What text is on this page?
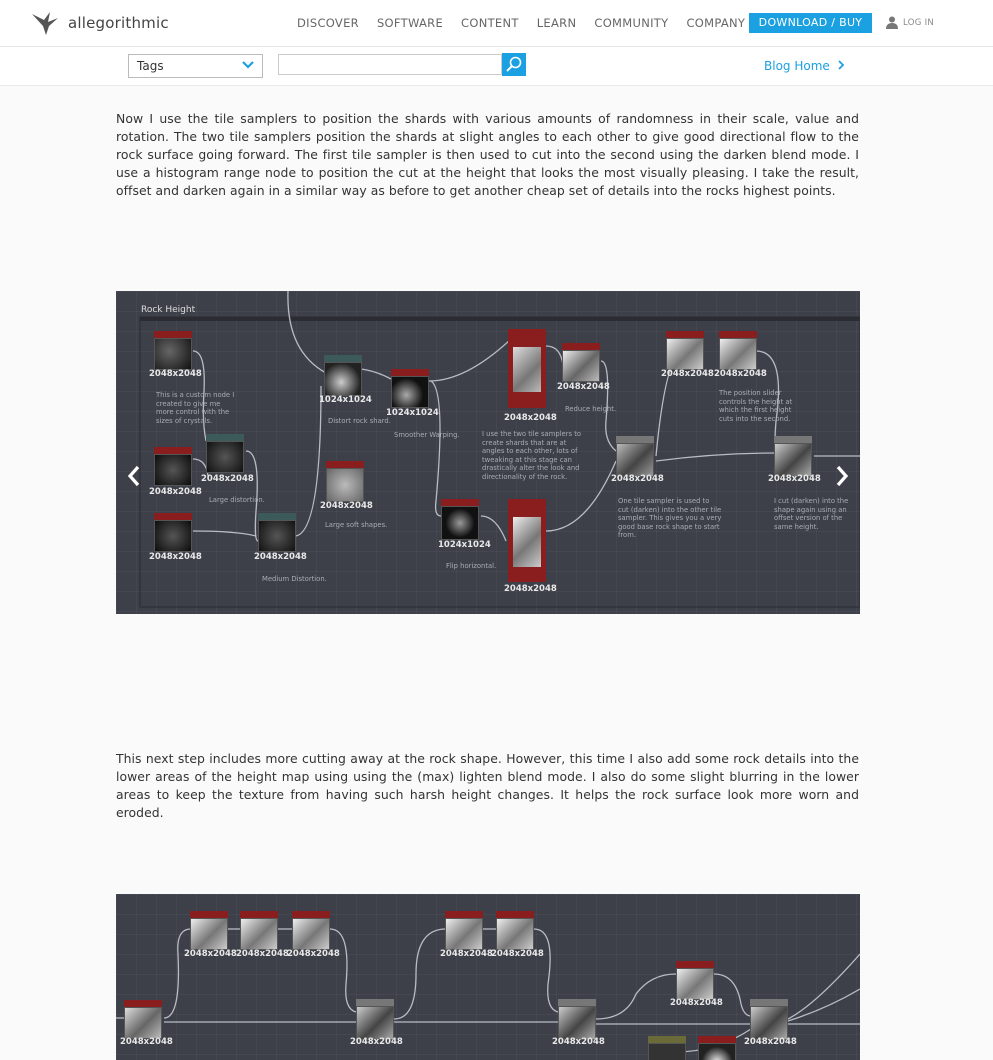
allegorithmic	DISCOVER SOFTWARE CONTENT LEARN COMMUNITY COMPANY	DOWNLOAD / BUY	LOG IN
Tags	Blog Home
Now I use the tile samplers to position the shards with various amounts of randomness in their scale, value and rotation. The two tile samplers position the shards at slight angles to each other to give good directional flow to the rock surface going forward. The first tile sampler is then used to cut into the second using the darken blend mode. I use a histogram range node to position the cut at the height that looks the most visually pleasing. I take the result, offset and darken again in a similar way as before to get another cheap set of details into the rocks highest points.
Rock Height
2048x2048
2048x2048
2048x2048
2048x2048
2048x2048
1024x1024
1024x1024
2048x2048
1024x1024
2048x2048
2048x2048
2048x2048
2048x2048
2048x2048 2048x2048
2048x2048
This is a custom node I created to give me more control with the sizes of crystals.
Large distortion.
Medium Distortion.
Distort rock shard.
Large soft shapes.
Smoother Warping.
Flip horizontal.
I use the two tile samplers to create shards that are at angles to each other, lots of tweaking at this stage can drastically alter the look and directionality of the rock.
Reduce height.
One tile sampler is used to cut (darken) into the other tile sampler. This gives you a very good base rock shape to start from.
The position slider controls the height at which the first height cuts into the second.
I cut (darken) into the shape again using an offset version of the same height.
This next step includes more cutting away at the rock shape. However, this time I also add some rock details into the lower areas of the height map using using the (max) lighten blend mode. I also do some slight blurring in the lower areas to keep the texture from having such harsh height changes. It helps the rock surface look more worn and eroded.
2048x2048
2048x2048 2048x2048
2048x2048
2048x2048
2048x2048
2048x2048
2048x2048
2048x2048
2048x2048
